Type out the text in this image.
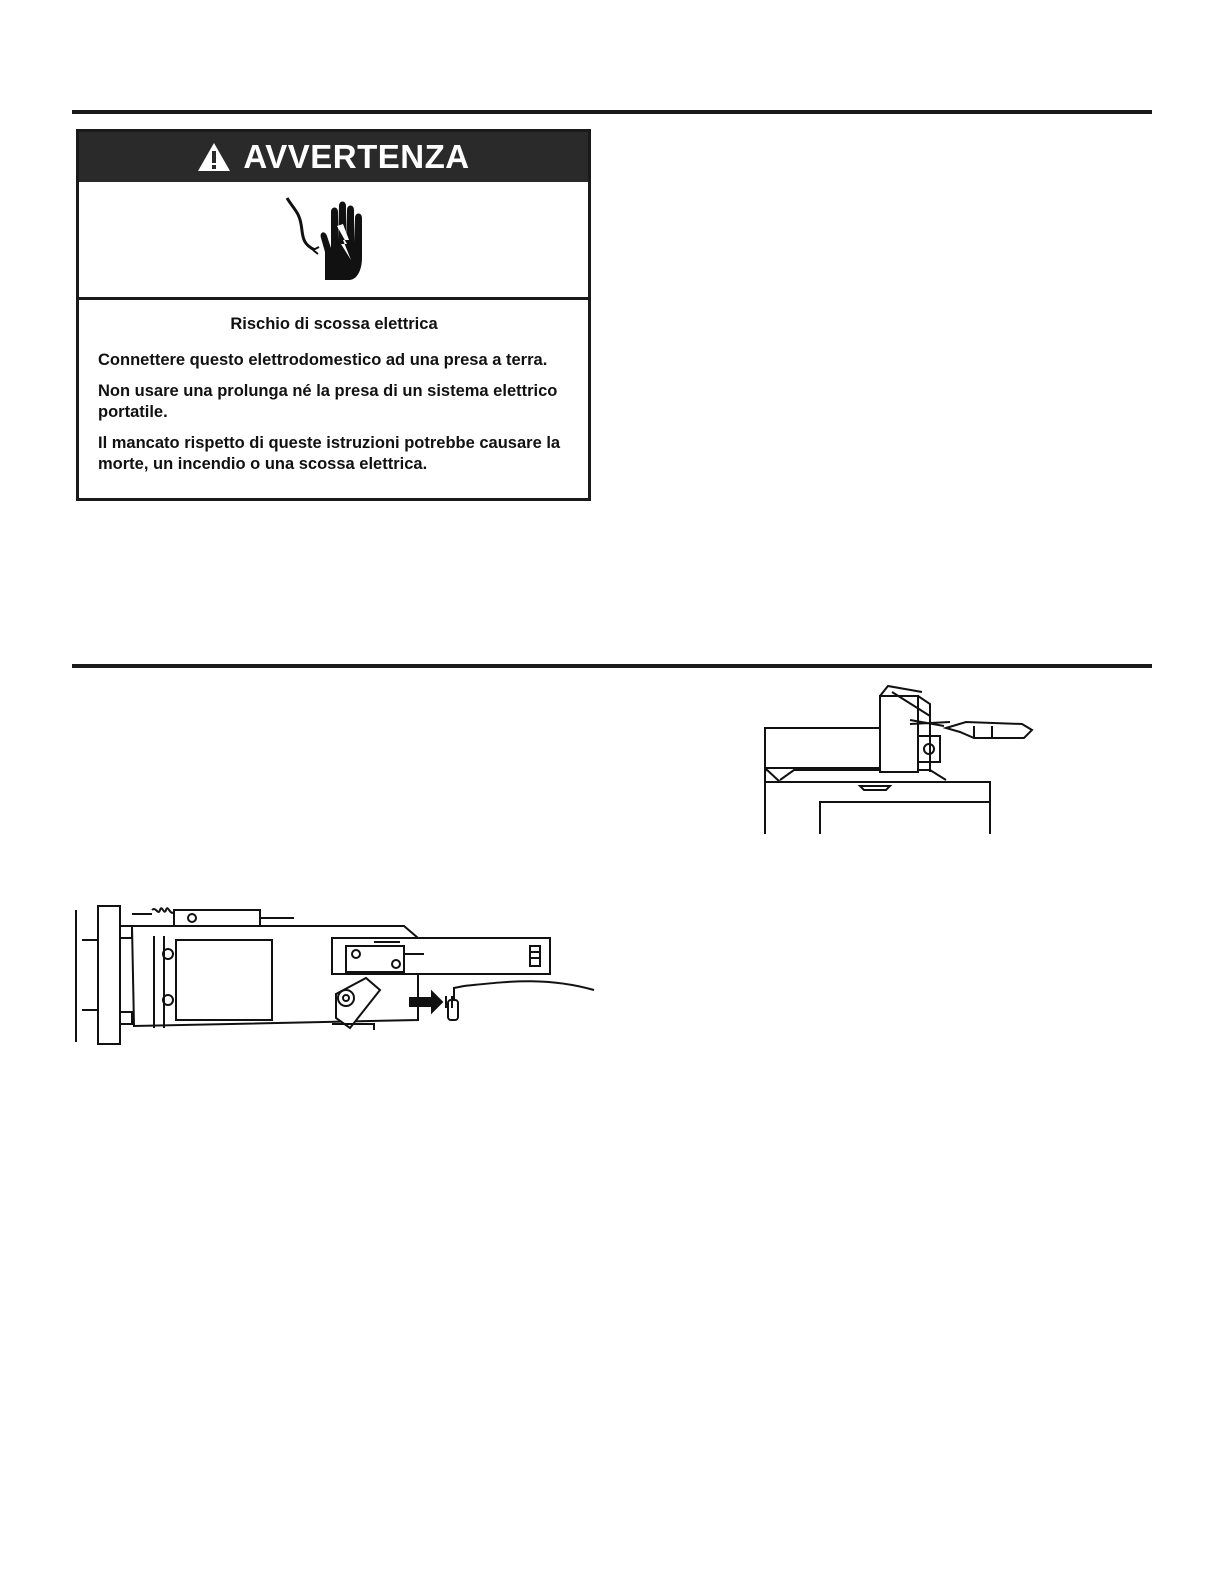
AVVERTENZA
Rischio di scossa elettrica

Connettere questo elettrodomestico ad una presa a terra.

Non usare una prolunga né la presa di un sistema elettrico portatile.

Il mancato rispetto di queste istruzioni potrebbe causare la morte, un incendio o una scossa elettrica.
